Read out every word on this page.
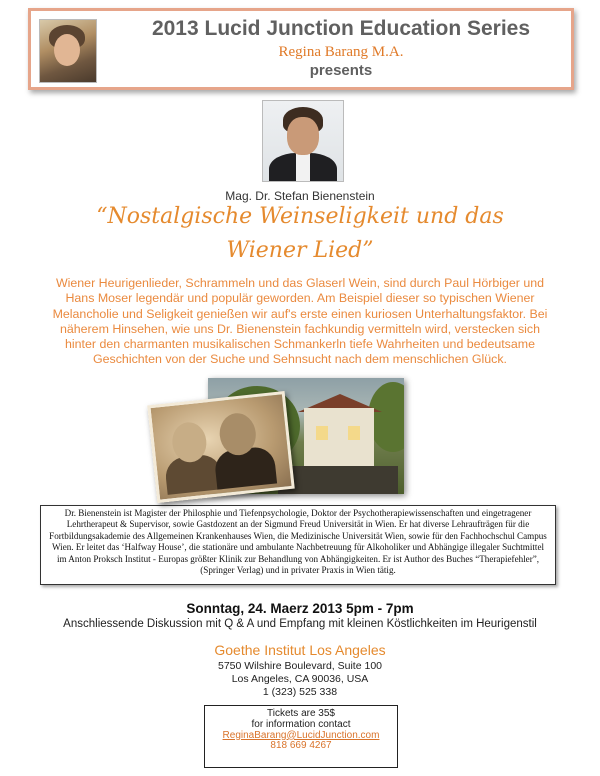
2013 Lucid Junction Education Series
Regina Barang M.A.
presents
Mag. Dr. Stefan Bienenstein
“Nostalgische Weinseligkeit und das
Wiener Lied”
Wiener Heurigenlieder, Schrammeln und das Glaserl Wein, sind durch Paul Hörbiger und Hans Moser legendär und populär geworden. Am Beispiel dieser so typischen Wiener Melancholie und Seligkeit genießen wir auf's erste einen kuriosen Unterhaltungsfaktor. Bei näherem Hinsehen, wie uns Dr. Bienenstein fachkundig vermitteln wird, verstecken sich hinter den charmanten musikalischen Schmankerln tiefe Wahrheiten und bedeutsame Geschichten von der Suche und Sehnsucht nach dem menschlichen Glück.
Dr. Bienenstein ist Magister der Philosphie und Tiefenpsychologie, Doktor der Psychotherapiewissenschaften und eingetragener Lehrtherapeut & Supervisor, sowie Gastdozent an der Sigmund Freud Universität in Wien. Er hat diverse Lehraufträgen für die Fortbildungsakademie des Allgemeinen Krankenhauses Wien, die Medizinische Universität Wien, sowie für den Fachhochschul Campus Wien. Er leitet das ‘Halfway House’, die stationäre und ambulante Nachbetreuung für Alkoholiker und Abhängige illegaler Suchtmittel im Anton Proksch Institut - Europas größter Klinik zur Behandlung von Abhängigkeiten. Er ist Author des Buches “Therapiefehler”, (Springer Verlag) und in privater Praxis in Wien tätig.
Sonntag, 24. Maerz 2013 5pm - 7pm
Anschliessende Diskussion mit Q & A und Empfang mit kleinen Köstlichkeiten im Heurigenstil
Goethe Institut Los Angeles
5750 Wilshire Boulevard, Suite 100
Los Angeles, CA 90036, USA
1 (323) 525 338
Tickets are 35$
for information contact
ReginaBarang@LucidJunction.com
818 669 4267
